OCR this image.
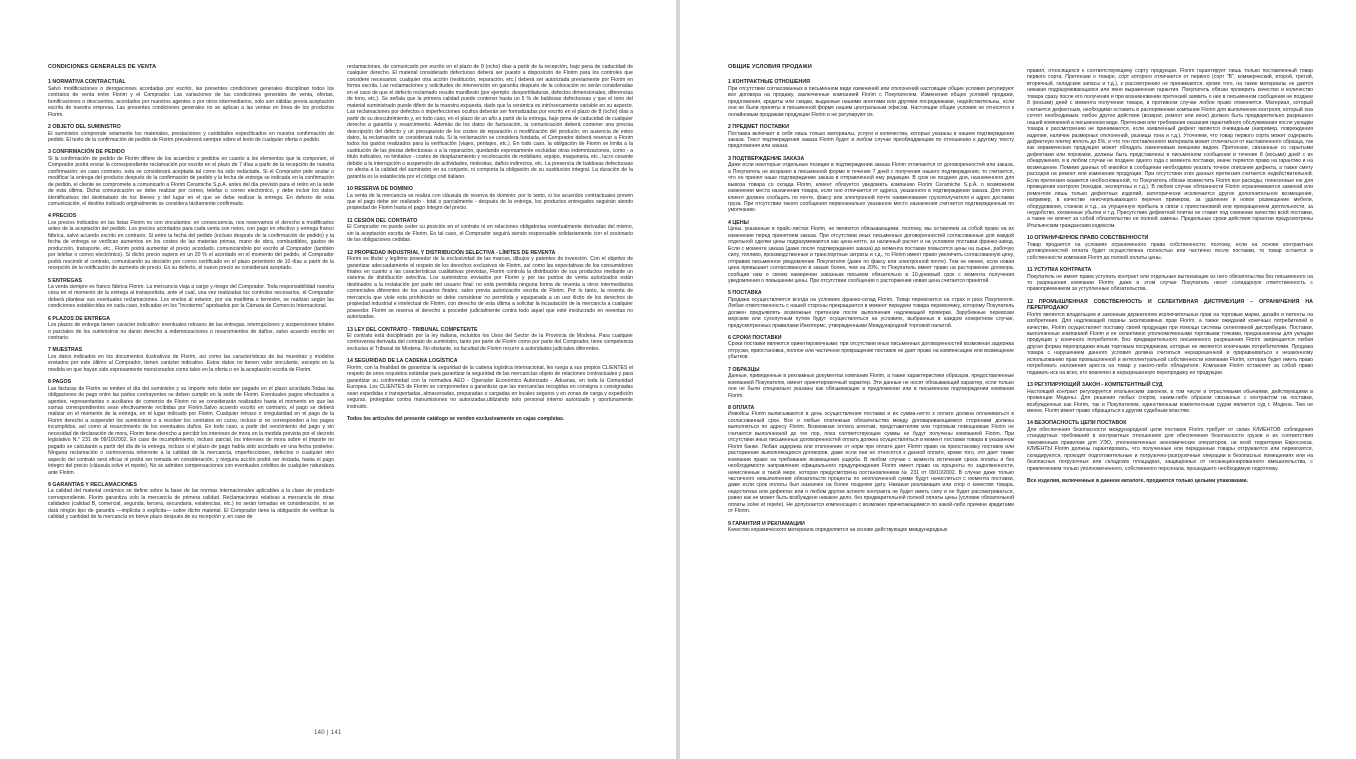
CONDICIONES GENERALES DE VENTA
1 NORMATIVA CONTRACTUAL
Salvo modificaciones o derogaciones acordadas por escrito, las presentes condiciones generales disciplinan todos los contratos de venta entre Florim y el Comprador. Las variaciones de las condiciones generales de venta, ofertas, bonificaciones o descuentos, acordados por nuestros agentes o por otros intermediarios, solo son válidas previa aceptación escrita de nuestra empresa. Las presentes condiciones generales no se aplican a las ventas en línea de los productos Florim.
2 OBJETO DEL SUMINISTRO
El suministro comprende solamente los materiales, prestaciones y cantidades especificados en nuestra confirmación de pedido. El texto de la confirmación de pedido de Florim prevalecerá siempre sobre el texto de cualquier oferta o pedido.
3 CONFIRMACIÓN DE PEDIDO
Si la confirmación de pedido de Florim difiere de los acuerdos o pedidos en cuanto a los elementos que la componen, el Comprador podrá enviar la correspondiente reclamación por escrito en el plazo de 7 días a partir de la recepción de nuestra confirmación; en caso contrario, esta se considerará aceptada tal como ha sido redactada. Si el Comprador pide anular o modificar la entrega del producto después de la confirmación de pedido y la fecha de entrega se indicada en la confirmación de pedido, el cliente se compromete a comunicarlo a Florim Ceramiche S.p.A. antes del día previsto para el retiro en la sede de esta última. Dicha comunicación se debe realizar por correo, telefax o correo electrónico, y debe incluir los datos identificativos del destinatario de los bienes y del lugar en el que se debe realizar la entrega. En defecto de esta comunicación, el destino indicado originalmente se considera tácitamente confirmado.
4 PRECIOS
Los precios indicados en las listas Florim no son vinculantes: en consecuencia, nos reservamos el derecho a modificarlos antes de la aceptación del pedido. Los precios acordados para cada venta son netos, con pago en efectivo y entrega franco fábrica, salvo acuerdo escrito en contrario. Si entre la fecha del pedido (incluso después de la confirmación de pedido) y la fecha de entrega se verifican aumentos en los costes de las materias primas, mano de obra, combustibles, gastos de producción, transporte, etc., Florim podrá aumentar el precio acordado, comunicándolo por escrito al Comprador (también por telefax o correo electrónico). Si dicho precio supera en un 20 % el acordado en el momento del pedido, el Comprador podrá rescindir el contrato, comunicando su decisión por correo certificado en el plazo perentorio de 10 días a partir de la recepción de la notificación de aumento de precio. En su defecto, el nuevo precio se considerará aceptado.
5 ENTREGAS
La venta siempre es franco fábrica Florim. La mercancía viaja a cargo y riesgo del Comprador. Toda responsabilidad nuestra cesa en el momento de la entrega al transportista, ante el cual, una vez realizadas los controles necesarios, el Comprador deberá plantear sus eventuales reclamaciones. Los envíos al exterior, por vía marítima o terrestre, se realizan según las condiciones establecidas en cada caso, indicadas en los "Incoterms" aprobados por la Cámara de Comercio Internacional.
6 PLAZOS DE ENTREGA
Los plazos de entrega tienen carácter indicativo: eventuales retrasos de las entregas, interrupciones y suspensiones totales o parciales de los suministros no darán derecho a indemnizaciones o resarcimientos de daños, salvo acuerdo escrito en contrario.
7 MUESTRAS
Los datos indicados en los documentos ilustrativos de Florim, así como las características de las muestras y modelos enviados por este último al Comprador, tienen carácter indicativo. Estos datos no tienen valor vinculante, excepto en la medida en que hayan sido expresamente mencionados como tales en la oferta o en la aceptación escrita de Florim.
8 PAGOS
Las facturas de Florim se emiten el día del suministro y su importe neto debe ser pagado en el plazo acordado.Todas las obligaciones de pago entre las partes contrayentes se deben cumplir en la sede de Florim. Eventuales pagos efectuados a agentes, representantes o auxiliares de comercio de Florim no se considerarán realizados hasta el momento en que las sumas correspondientes sean efectivamente recibidas por Florim.Salvo acuerdo escrito en contrario, el pago se deberá realizar en el momento de la entrega, en el lugar indicado por Florim. Cualquier retraso o irregularidad en el pago de la Florim derecho a suspender los suministros o a resolver los contratos en curso, incluso si no corresponden a los pagos incumplidos, así como al resarcimiento de los eventuales daños. En todo caso, a partir del vencimiento del pago y sin necesidad de declaración de mora, Florim tiene derecho a percibir los intereses de mora en la medida prevista por el decreto legislativo N.° 231 de 09/10/2002. En caso de incumplimiento, incluso parcial, los intereses de mora sobre el importe no pagado se calcularán a partir del día de la entrega, incluso si el plazo de pago había sido acordado en una fecha posterior. Ninguna reclamación o controversia inherente a la calidad de la mercancía, imperfecciones, defectos o cualquier otro aspecto del contrato será eficaz ni podrá ser tomada en consideración, y ninguna acción podrá ser iniciada, hasta el pago íntegro del precio (cláusula solve et repete). No se admiten compensaciones con eventuales créditos de cualquier naturaleza ante Florim.
9 GARANTÍAS Y RECLAMACIONES
La calidad del material cerámico se define sobre la base de las normas internacionales aplicables a la clase de producto correspondiente. Florim garantiza solo la mercancía de primera calidad. Reclamaciones relativas a mercancía de otras calidades (calidad B, comercial, segunda, tercera, secundaria, existencias, etc.) no serán tomadas en consideración, ni se dará ningún tipo de garantía —implícita o explícita— sobre dicho material. El Comprador tiene la obligación de verificar la calidad y cantidad de la mercancía en breve plazo después de su recepción y, en caso de
reclamaciones, de comunicarlo por escrito en el plazo de 8 (ocho) días a partir de la recepción, bajo pena de caducidad de cualquier derecho. El material considerado defectuoso deberá ser puesto a disposición de Florim para los controles que considere necesarios; cualquier otra acción (restitución, reparación, etc.) deberá ser autorizada previamente por Florim en forma escrita. Las reclamaciones y solicitudes de intervención en garantía después de la colocación no serán consideradas en el caso de que el defecto reclamado resulte manifiesto (por ejemplo: desportilladuras, defectos dimensionales, diferencias de tono, etc.). Se señala que la primera calidad puede contener hasta un 5 % de baldosas defectuosas y que el tono del material suministrado puede diferir de la muestra expuesta, dado que la cerámica es intrínsecamente variable en su aspecto. Las reclamaciones por defectos o imperfecciones ocultos deberán ser formalizadas por escrito en el plazo de 8 (ocho) días a partir de su descubrimiento y, en todo caso, en el plazo de un año a partir de la entrega, bajo pena de caducidad de cualquier derecho a garantía y resarcimiento. Además de los datos de facturación, la comunicación deberá contener una precisa descripción del defecto y un presupuesto de los costes de reparación o modificación del producto; en ausencia de estos datos, la reclamación se considerará nula. Si la reclamación se considera fundada, el Comprador deberá reservar a Florim todos los gastos realizados para la verificación (viajes, peritajes, etc.). En todo caso, la obligación de Florim se limita a la sustitución de las piezas defectuosas o a la reparación, quedando expresamente excluidas otras indemnizaciones, como - a título indicativo, no limitativo - costes de desplazamiento y recolocación de mobiliario, equipo, maquinaria, etc., lucro cesante debido a la interrupción o suspensión de actividades, molestias, daños indirectos, etc. La presencia de baldosas defectuosas no afecta a la calidad del suministro en su conjunto, ni comporta la obligación de su sustitución integral. La duración de la garantía es la establecida por el código civil italiano.
10 RESERVA DE DOMINIO
La venta de la mercancía se realiza con cláusula de reserva de dominio; por lo tanto, si los acuerdos contractuales prevén que el pago debe ser realizado - total o parcialmente - después de la entrega, los productos entregados seguirán siendo propiedad de Florim hasta el pago íntegro del precio.
11 CESIÓN DEL CONTRATO
El Comprador no puede ceder su posición en el contrato ni en relaciones obligatorias eventualmente derivadas del mismo, sin la aceptación escrita de Florim. En tal caso, el Comprador seguirá siendo responsable solidariamente con el cesionario de las obligaciones cedidas.
12 PROPIEDAD INDUSTRIAL Y DISTRIBUCIÓN SELECTIVA - LÍMITES DE REVENTA
Florim es titular y legítimo poseedor de la exclusividad de las marcas, dibujos y patentes de invención. Con el objetivo de garantizar adecuadamente el respeto de los derechos exclusivos de Florim, así como las expectativas de los consumidores finales en cuanto a las características cualitativas previstas, Florim controla la distribución de sus productos mediante un sistema de distribución selectiva. Los suministros enviados por Florim y por las puntos de venta autorizados están destinados a la instalación por parte del usuario final: no está permitida ninguna forma de reventa a otros intermediarios comerciales diferentes de los usuarios finales, salvo previa autorización escrita de Florim. Por lo tanto, la reventa de mercancía que viole esta prohibición se debe considerar no permitida y equiparada a un uso ilícito de los derechos de propiedad industrial e intelectual de Florim, con derecho de esta última a solicitar la incautación de la mercancía a cualquier poseedor. Florim se reserva el derecho a proceder judicialmente contra todo aquel que esté involucrado en reventas no autorizadas.
13 LEY DEL CONTRATO - TRIBUNAL COMPETENTE
El contrato está disciplinado por la ley italiana, incluidos los Usos del Sector de la Provincia de Modena. Para cualquier controversia derivada del contrato de suministro, tanto por parte de Florim como por parte del Comprador, tiene competencia exclusiva el Tribunal de Modena. No obstante, es facultad de Florim recurrir a autoridades judiciales diferentes.
14 SEGURIDAD DE LA CADENA LOGÍSTICA
Florim, con la finalidad de garantizar la seguridad de la cadena logística internacional, les ruega a sus propios CLIENTES el respeto de unos requisitos estándar para garantizar la seguridad de las mercancías objeto de relaciones contractuales y para garantizar su conformidad con la normativa AEO - Operador Económico Autorizado - Aduanas, en toda la Comunidad Europea. Los CLIENTES de Florim se comprometen a garantizar que las mercancías recogidas en consigna o consignadas sean expedidas o transportadas, almacenadas, preparadas o cargadas en locales seguros y en zonas de carga y expedición seguras, protegidas contra manumisiones no autorizadas,utilizando solo personal interno autorizado y oportunamente instruido.
Todos los artículos del presente catálogo se venden exclusivamente en cajas completas.
140 | 141
ОБЩИЕ УСЛОВИЯ ПРОДАЖИ
1 КОНТРАКТНЫЕ ОТНОШЕНИЯ
При отсутствии согласованных в письменном виде изменений или отклонений настоящие общие условия регулируют все договора на продажу, заключенные компанией Florim с Покупателем. Изменения общих условий продажи, предложения, кредиты или скидки, выданные нашими агентами или другими посредниками, недействительны, если они не были приняты в письменной форме нашим центральным офисом. Настоящие общие условия не относятся к онлайновым продажам продукции Florim и не регулируют их.
2 ПРЕДМЕТ ПОСТАВКИ
Поставка включает в себя лишь только материалы, услуги и количества, которые указаны в нашем подтверждении заказа. Текст подтверждения заказа Florim будет в любом случае преобладающим по отношению к другому тексту предложения или заказа.
3 ПОДТВЕРЖДЕНИЕ ЗАКАЗА
Даже если некоторые отдельные позиции в подтверждении заказа Florim отличаются от договоренностей или заказа, а Покупатель не возразил в письменной форме в течение 7 дней с получения нашего подтверждения, то считается, что он принял наше подтверждение заказа в отправленной ему редакции. В срок не позднее дня, назначенного для вывоза товара со склада Florim, клиент обязуется уведомить компанию Florim Ceramiche S.p.A. о возможном изменении места назначения товара, если оно отличается от адреса, указанного в подтверждении заказа. Для этого клиент должен сообщить по почте, факсу или электронной почте наименование грузополучателя и адрес доставки груза. При отсутствии такого сообщения первоначально указанное место назначения считается подтвержденным по умолчанию.
4 ЦЕНЫ
Цены, указанные в прайс-листах Florim, не являются обязывающими, поэтому, мы оставляем за собой право на их изменение перед принятием заказа. При отсутствии иных письменных договоренностей согласованные для каждой отдельной сделки цены подразумеваются как цена-нетто, за наличный расчет и на условиях поставки франко-завод. Если с момента заказа (даже после подтверждения заказа) до момента поставки повысятся цены на сырье, рабочую силу, топливо, производственные и транспортные затраты и т.д., то Florim имеет право увеличить согласованную цену, отправив письменное уведомление Покупателю (даже по факсу или электронной почте). Тем не менее, если новая цена превышает согласованную в заказе более, чем на 20%, то Покупатель имеет право на расторжение договора, сообщив нам о своем намерении заказным письмом обязательно в 10-дневный срок с момента получения уведомления о повышении цены. При отсутствии сообщения о расторжении новая цена считается принятой.
5 ПОСТАВКА
Продажа осуществляется всегда на условиях франко-склад Florim. Товар перевозится на страх и риск Покупателя. Любая ответственность с нашей стороны прекращается в момент передачи товара перевозчику, которому Покупатель должен предъявлять возможные претензии после выполнения надлежащей проверки. Зарубежные перевозки морским или сухопутным путем будут осуществляться на условиях, выбранных в каждом конкретном случае, предусмотренных правилами Инкотермс, утвержденными Международной торговой палатой.
6 СРОКИ ПОСТАВКИ
Сроки поставки являются ориентировочными: при отсутствии иных письменных договоренностей возможная задержка отгрузки, приостановка, полное или частичное прекращение поставок не дает право на компенсацию или возмещение убытков.
7 ОБРАЗЦЫ
Данные, приведенные в рекламных документах компании Florim, а также характеристики образцов, предоставленные компанией Покупателю, имеют ориентировочный характер. Эти данные не носят обязывающий характер, если только они не были специально указаны как обязывающие в предложении или в письменном подтверждении компании Florim.
8 ОПЛАТА
Инвойсы Florim выписываются в день осуществления поставки и их сумма-нетто к оплате должна оплачиваться в согласованный срок. Все и любые платежные обязательства между договаривающимися сторонами должны выполняться по адресу Florim. Возможная оплата агентам, представителям или торговым помощникам Florim не считается выполненной до тех пор, пока соответствующие суммы не будут получены компанией Florim. При отсутствии иных письменных договоренностей оплата должна осуществляться в момент поставки товара в указанном Florim банке. Любая задержка или отклонение от норм при оплате дает Florim право на приостановку поставок или расторжение выполняющихся договоров, даже если они не относятся к данной оплате, кроме того, это дает также компании право на требование возмещения ущерба. В любом случае с момента истечения срока оплаты и без необходимости направления официального предупреждения Florim имеет право на проценты по задолженности, начисленные в такой мере, которая предусмотрена постановлением № 231 от 09/10/2002. В случае даже только частичного невыполнения обязательств проценты по неоплаченной сумме будут начисляться с момента поставки, даже если срок оплаты был назначен на более позднюю дату. Никакая рекламация или спор о качестве товара, недостатках или дефектах или о любом другом аспекте контракта не будет иметь силу и не будет рассматриваться, равно как не может быть возбуждено никакое дело, без предварительной полной оплаты цены (условие обязательной оплаты solve et repete). Не допускается компенсация с возможно причитающимися по какой-либо причине кредитами от Florim.
9 ГАРАНТИЯ И РЕКЛАМАЦИИ
Качество керамического материала определяется на основе действующих международных
правил, относящихся к соответствующему сорту продукции. Florim гарантирует лишь только поставленный товар первого сорта. Претензии о товаре, сорт которого отличается от первого (сорт "B", коммерческий, второй, третий, вторичный, складские запасы и т.д.), к рассмотрению не принимаются, кроме того, на такие материалы не дается никакая подразумевающаяся или явно выраженная гарантия. Покупатель обязан проверить качество и количество товара сразу после его получения и при возникновении претензий заявить о них в письменном сообщении не позднее 8 (восьми) дней с момента получения товара, в противном случае любое право отменяется. Материал, который считается дефектным, необходимо оставить в распоряжении компании Florim для выполнения контроля, который она сочтет необходимым; любое другое действие (возврат, ремонт или иное) должно быть предварительно разрешено нашей компанией в письменном виде. Претензии или требования оказания гарантийного обслуживания после укладки товара к рассмотрению не принимаются, если заявленный дефект является очевидным (например, повреждения изделия, наличие размерных отклонений, разницы тона и т.д.). Уточняем, что товар первого сорта может содержать дефектную плитку вплоть до 5%, и что тон поставленного материала может отличаться от выставленного образца, так как керамическая продукция может обладать изменчивым внешним видом. Претензии, связанные со скрытыми дефектами или пороками, должны быть представлены в письменном сообщении в течение 8 (восьми) дней с их обнаружения, и в любом случае не позднее одного года с момента поставки, иначе теряется право на гарантию и на возмещение. Помимо данных об инвойсе в сообщении необходимо указать точное описание дефекта, а также смету расходов на ремонт или изменение продукции. При отсутствии этих данных претензия считается недействительной. Если претензия окажется необоснованной, то Покупатель обязан возместить Florim все расходы, понесенные ею для проведения контроля (поездки, экспертизы и т.д.). В любом случае обязанности Florim ограничиваются заменой или ремонтом лишь только дефектных изделий, категорически исключается другое дополнительное возмещение, например, в качестве неисчерпывающего перечня примеров, за удаление и новое размещение мебели, оборудования, станков и т.д., за упущенную прибыль в связи с приостановкой или прекращением деятельности, за неудобство, косвенные убытки и т.д. Присутствие дефектной плитки не ставит под сомнение качество всей поставки, а также не влечет за собой обязательство ее полной замены. Предельные сроки действия гарантии предусмотрены Итальянским гражданским кодексом.
10 ОГРАНИЧЕННОЕ ПРАВО СОБСТВЕННОСТИ
Товар продается на условиях ограниченного права собственности; поэтому, если на основе контрактных договоренностей оплата будет осуществлена полностью или частично после поставки, то товар остается в собственности компании Florim до полной оплаты цены.
11 УСТУПКА КОНТРАКТА
Покупатель не имеет права уступать контракт или отдельные вытекающие из него обязательства без письменного на то разрешения компании Florim; даже в этом случае Покупатель несет солидарную ответственность с правоприемником за уступленные обязательства.
12 ПРОМЫШЛЕННАЯ СОБСТВЕННОСТЬ И СЕЛЕКТИВНАЯ ДИСТРИБУЦИЯ – ОГРАНИЧЕНИЯ НА ПЕРЕПРОДАЖУ
Florim является владельцем и законным держателем исключительных прав на торговые марки, дизайн и патенты на изобретения. Для надлежащей охраны эксклюзивных прав Florim, а также ожиданий конечных потребителей в качестве, Florim осуществляет поставку своей продукции при помощи системы селективной дистрибуции. Поставки, выполненные компанией Florim и ее селективно уполномоченными торговыми точками, предназначены для укладки продукции у конечного потребителя. Без предварительного письменного разрешения Florim запрещается любая другая форма перепродажи иным торговым посредникам, которые не являются конечными потребителями. Продажа товара с нарушением данного условия должна считаться неразрешенной и приравниваться к незаконному использованию прав промышленной и интеллектуальной собственности компании Florim, которая будет иметь право потребовать наложения ареста на товар у какого-либо обладателя. Компания Florim оставляет за собой право подавать иск на всех, кто вовлечен в неразрешенную перепродажу ее продукции.
13 РЕГУЛИРУЮЩИЙ ЗАКОН - КОМПЕТЕНТНЫЙ СУД
Настоящий контракт регулируется итальянским законом, в том числе и отраслевыми обычаями, действующими в провинции Модены. Для решения любых споров, каким-либо образом связанных с контрактом на поставки, возбужденных как Florim, так и Покупателем, единственным компетентным судом является суд г. Модена. Тем не менее, Florim имеет право обращаться к другим судебным властям.
14 БЕЗОПАСНОСТЬ ЦЕПИ ПОСТАВОК
Для обеспечения безопасности международной цепи поставок Florim требует от своих КЛИЕНТОВ соблюдения стандартных требований в контрактных отношениях для обеспечения безопасности грузов и их соответствия таможенным правилам для УЭО, уполномоченных экономических операторов, на всей территории Евросоюза. КЛИЕНТЫ Florim должны гарантировать, что полученные или переданные товары отгружаются или перевозятся, складируются, проходят подготовительные и погрузочно-разгрузочные операции в безопасных помещениях или на безопасных погрузочных или складских площадках, защищенных от несанкционированного вмешательства, с привлечением только уполномоченного, собственного персонала, прошедшего необходимую подготовку.
Все изделия, включенные в данном каталоге, продаются только целыми упаковками.
